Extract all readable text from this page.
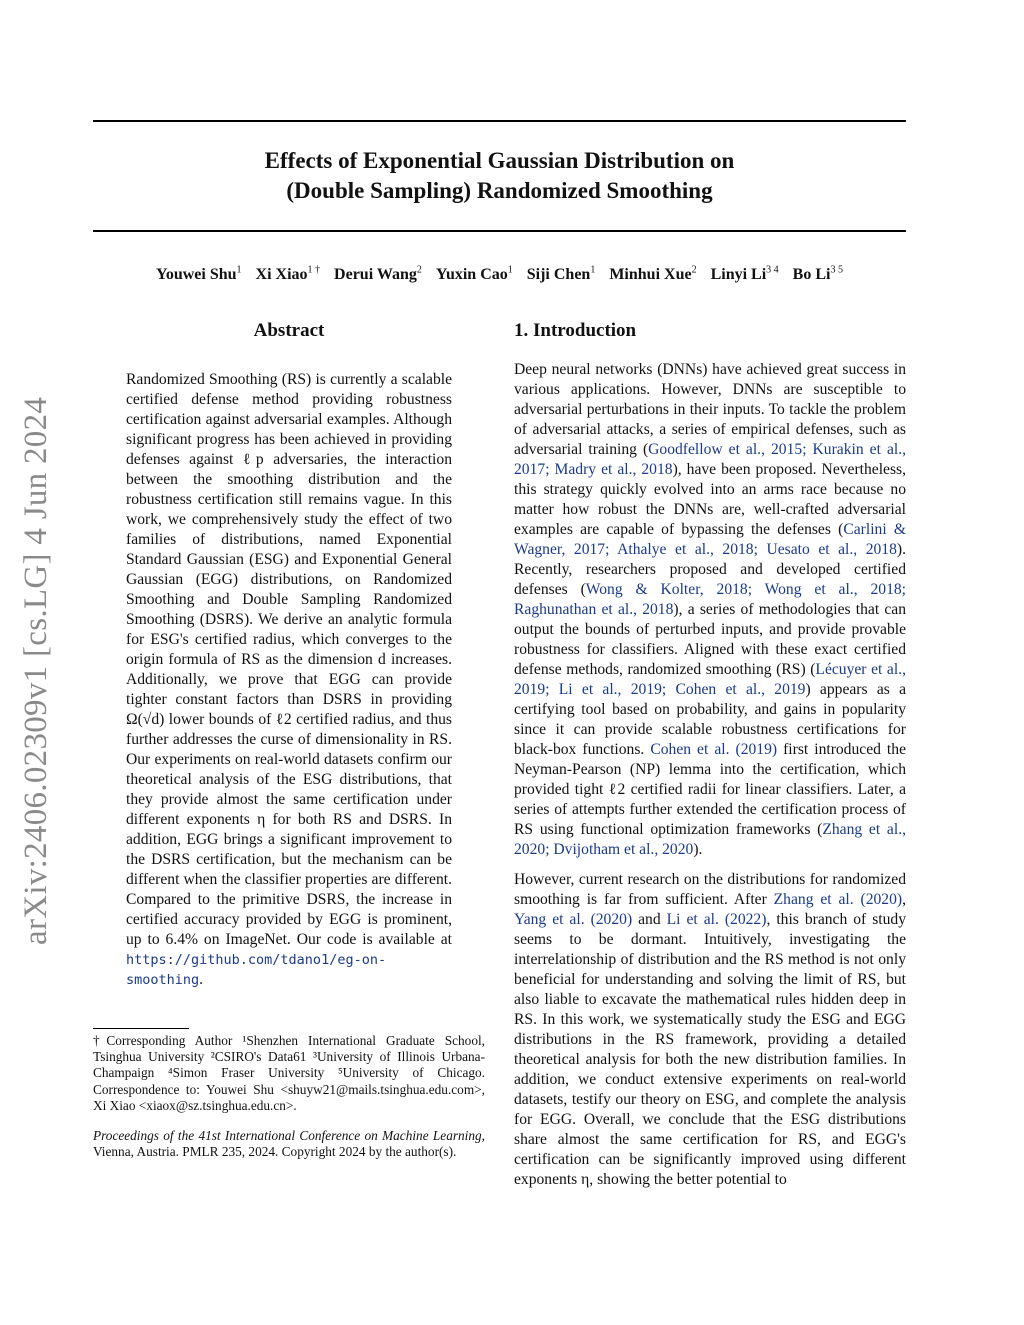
arXiv:2406.02309v1 [cs.LG] 4 Jun 2024
Effects of Exponential Gaussian Distribution on
(Double Sampling) Randomized Smoothing
Youwei Shu$^1$ Xi Xiao$^{1 \dagger}$ Derui Wang$^2$ Yuxin Cao$^1$ Siji Chen$^1$ Minhui Xue$^2$ Linyi $Li^{3 4}$ Bo $Li^{3 5}$
Abstract
Randomized Smoothing (RS) is currently a scalable certified defense method providing robustness certification against adversarial examples. Although significant progress has been achieved in providing defenses against ℓp adversaries, the interaction between the smoothing distribution and the robustness certification still remains vague. In this work, we comprehensively study the effect of two families of distributions, named Exponential Standard Gaussian (ESG) and Exponential General Gaussian (EGG) distributions, on Randomized Smoothing and Double Sampling Randomized Smoothing (DSRS). We derive an analytic formula for ESG's certified radius, which converges to the origin formula of RS as the dimension d increases. Additionally, we prove that EGG can provide tighter constant factors than DSRS in providing Ω(√d) lower bounds of ℓ2 certified radius, and thus further addresses the curse of dimensionality in RS. Our experiments on real-world datasets confirm our theoretical analysis of the ESG distributions, that they provide almost the same certification under different exponents η for both RS and DSRS. In addition, EGG brings a significant improvement to the DSRS certification, but the mechanism can be different when the classifier properties are different. Compared to the primitive DSRS, the increase in certified accuracy provided by EGG is prominent, up to 6.4% on ImageNet. Our code is available at https://github.com/tdano1/eg-on-smoothing.

†Corresponding Author ¹Shenzhen International Graduate School, Tsinghua University ²CSIRO's Data61 ³University of Illinois Urbana-Champaign ⁴Simon Fraser University ⁵University of Chicago. Correspondence to: Youwei Shu <shuyw21@mails.tsinghua.edu.com>, Xi Xiao <xiaox@sz.tsinghua.edu.cn>.

Proceedings of the 41st International Conference on Machine Learning, Vienna, Austria. PMLR 235, 2024. Copyright 2024 by the author(s).

1. Introduction

Deep neural networks (DNNs) have achieved great success in various applications. However, DNNs are susceptible to adversarial perturbations in their inputs. To tackle the problem of adversarial attacks, a series of empirical defenses, such as adversarial training (Goodfellow et al., 2015; Kurakin et al., 2017; Madry et al., 2018), have been proposed. Nevertheless, this strategy quickly evolved into an arms race because no matter how robust the DNNs are, well-crafted adversarial examples are capable of bypassing the defenses (Carlini & Wagner, 2017; Athalye et al., 2018; Uesato et al., 2018). Recently, researchers proposed and developed certified defenses (Wong & Kolter, 2018; Wong et al., 2018; Raghunathan et al., 2018), a series of methodologies that can output the bounds of perturbed inputs, and provide provable robustness for classifiers. Aligned with these exact certified defense methods, randomized smoothing (RS) (Lécuyer et al., 2019; Li et al., 2019; Cohen et al., 2019) appears as a certifying tool based on probability, and gains in popularity since it can provide scalable robustness certifications for black-box functions. Cohen et al. (2019) first introduced the Neyman-Pearson (NP) lemma into the certification, which provided tight ℓ2 certified radii for linear classifiers. Later, a series of attempts further extended the certification process of RS using functional optimization frameworks (Zhang et al., 2020; Dvijotham et al., 2020).

However, current research on the distributions for randomized smoothing is far from sufficient. After Zhang et al. (2020), Yang et al. (2020) and Li et al. (2022), this branch of study seems to be dormant. Intuitively, investigating the interrelationship of distribution and the RS method is not only beneficial for understanding and solving the limit of RS, but also liable to excavate the mathematical rules hidden deep in RS. In this work, we systematically study the ESG and EGG distributions in the RS framework, providing a detailed theoretical analysis for both the new distribution families. In addition, we conduct extensive experiments on real-world datasets, testify our theory on ESG, and complete the analysis for EGG. Overall, we conclude that the ESG distributions share almost the same certification for RS, and EGG's certification can be significantly improved using different exponents η, showing the better potential to
